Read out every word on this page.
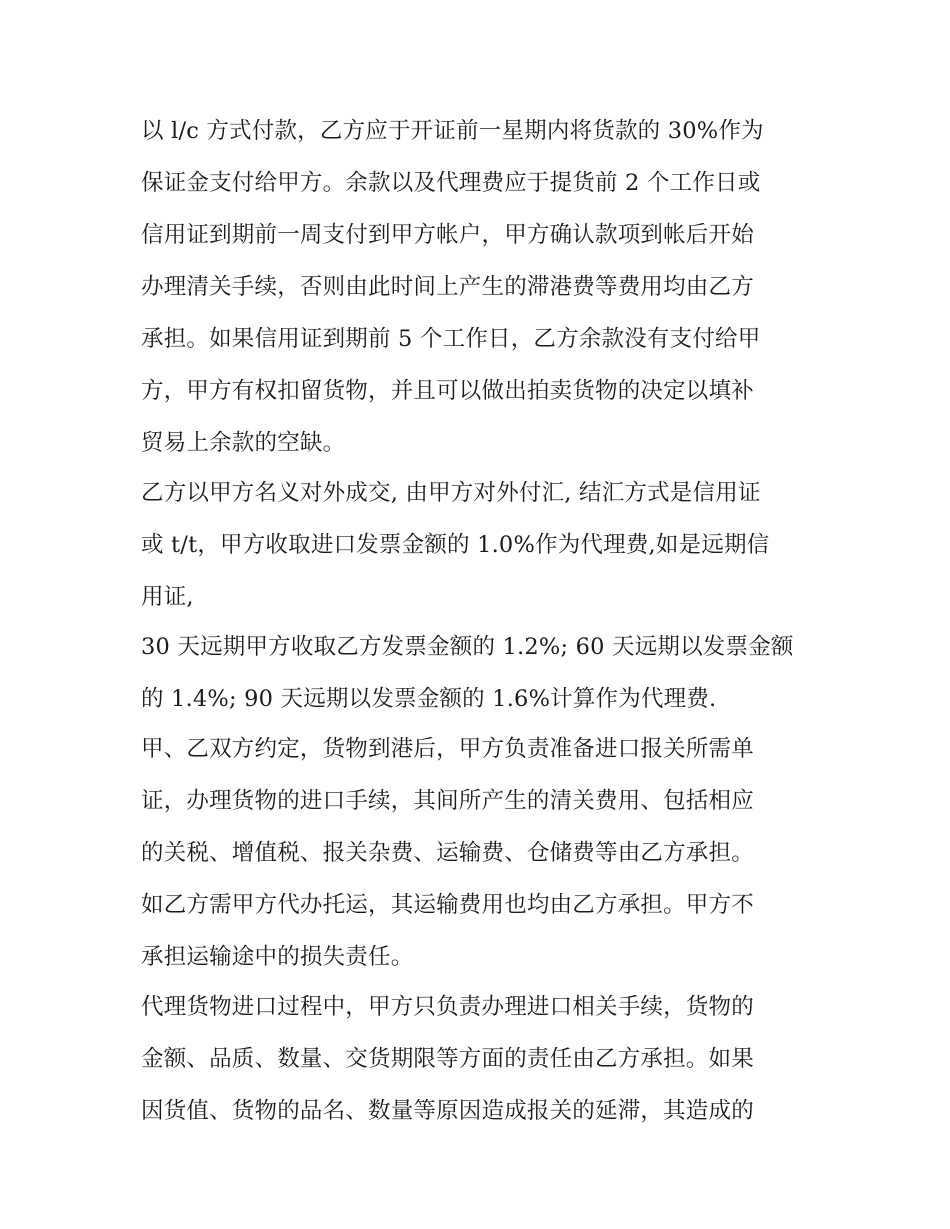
以 l/c 方式付款，乙方应于开证前一星期内将货款的 30%作为
保证金支付给甲方。余款以及代理费应于提货前 2 个工作日或
信用证到期前一周支付到甲方帐户，甲方确认款项到帐后开始
办理清关手续，否则由此时间上产生的滞港费等费用均由乙方
承担。如果信用证到期前 5 个工作日，乙方余款没有支付给甲
方，甲方有权扣留货物，并且可以做出拍卖货物的决定以填补
贸易上余款的空缺。
乙方以甲方名义对外成交, 由甲方对外付汇, 结汇方式是信用证
或 t/t，甲方收取进口发票金额的 1.0%作为代理费,如是远期信
用证,
30 天远期甲方收取乙方发票金额的 1.2%; 60 天远期以发票金额
的 1.4%; 90 天远期以发票金额的 1.6%计算作为代理费.
甲、乙双方约定，货物到港后，甲方负责准备进口报关所需单
证，办理货物的进口手续，其间所产生的清关费用、包括相应
的关税、增值税、报关杂费、运输费、仓储费等由乙方承担。
如乙方需甲方代办托运，其运输费用也均由乙方承担。甲方不
承担运输途中的损失责任。
代理货物进口过程中，甲方只负责办理进口相关手续，货物的
金额、品质、数量、交货期限等方面的责任由乙方承担。如果
因货值、货物的品名、数量等原因造成报关的延滞，其造成的
